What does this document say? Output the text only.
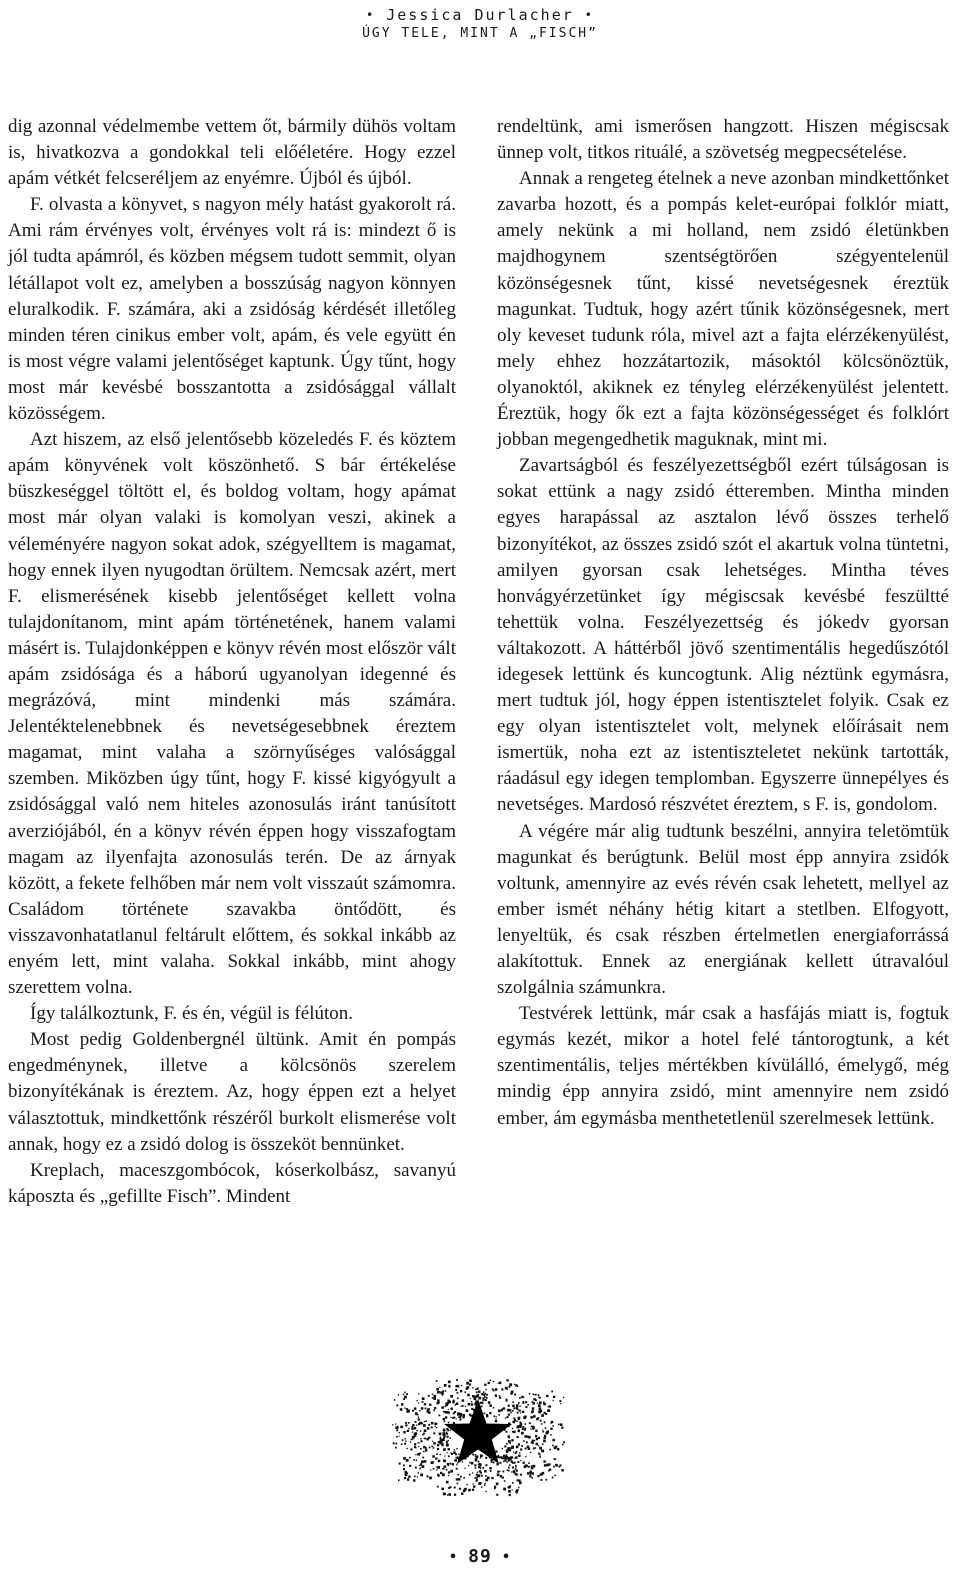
• Jessica Durlacher •
ÚGY TELE, MINT A „FISCH”

dig azonnal védelmembe vettem őt, bármily dühös voltam is, hivatkozva a gondokkal teli előéletére. Hogy ezzel apám vétkét felcseréljem az enyémre. Újból és újból.

F. olvasta a könyvet, s nagyon mély hatást gyakorolt rá. Ami rám érvényes volt, érvényes volt rá is: mindezt ő is jól tudta apámról, és közben mégsem tudott semmit, olyan létállapot volt ez, amelyben a bosszúság nagyon könnyen eluralkodik. F. számára, aki a zsidóság kérdését illetőleg minden téren cinikus ember volt, apám, és vele együtt én is most végre valami jelentőséget kaptunk. Úgy tűnt, hogy most már kevésbé bosszantotta a zsidósággal vállalt közösségem.

Azt hiszem, az első jelentősebb közeledés F. és köztem apám könyvének volt köszönhető. S bár értékelése büszkeséggel töltött el, és boldog voltam, hogy apámat most már olyan valaki is komolyan veszi, akinek a véleményére nagyon sokat adok, szégyelltem is magamat, hogy ennek ilyen nyugodtan örültem. Nemcsak azért, mert F. elismerésének kisebb jelentőséget kellett volna tulajdonítanom, mint apám történetének, hanem valami másért is. Tulajdonképpen e könyv révén most először vált apám zsidósága és a háború ugyanolyan idegenné és megrázóvá, mint mindenki más számára. Jelentéktelenebbnek és nevetségesebbnek éreztem magamat, mint valaha a szörnyűséges valósággal szemben. Miközben úgy tűnt, hogy F. kissé kigyógyult a zsidósággal való nem hiteles azonosulás iránt tanúsított averziójából, én a könyv révén éppen hogy visszafogtam magam az ilyenfajta azonosulás terén. De az árnyak között, a fekete felhőben már nem volt visszaút számomra. Családom története szavakba öntődött, és visszavonhatatlanul feltárult előttem, és sokkal inkább az enyém lett, mint valaha. Sokkal inkább, mint ahogy szerettem volna.

Így találkoztunk, F. és én, végül is félúton.

Most pedig Goldenbergnél ültünk. Amit én pompás engedménynek, illetve a kölcsönös szerelem bizonyítékának is éreztem. Az, hogy éppen ezt a helyet választottuk, mindkettőnk részéről burkolt elismerése volt annak, hogy ez a zsidó dolog is összeköt bennünket.

Kreplach, maceszgombócok, kóserkolbász, savanyú káposzta és „gefillte Fisch”. Mindent

rendeltünk, ami ismerősen hangzott. Hiszen mégiscsak ünnep volt, titkos rituálé, a szövetség megpecsételése.

Annak a rengeteg ételnek a neve azonban mindkettőnket zavarba hozott, és a pompás kelet-európai folklór miatt, amely nekünk a mi holland, nem zsidó életünkben majdhogynem szentségtörően szégyentelenül közönségesnek tűnt, kissé nevetségesnek éreztük magunkat. Tudtuk, hogy azért tűnik közönségesnek, mert oly keveset tudunk róla, mivel azt a fajta elérzékenyülést, mely ehhez hozzátartozik, másoktól kölcsönöztük, olyanoktól, akiknek ez tényleg elérzékenyülést jelentett. Éreztük, hogy ők ezt a fajta közönségességet és folklórt jobban megengedhetik maguknak, mint mi.

Zavartságból és feszélyezettségből ezért túlságosan is sokat ettünk a nagy zsidó étteremben. Mintha minden egyes harapással az asztalon lévő összes terhelő bizonyítékot, az összes zsidó szót el akartuk volna tüntetni, amilyen gyorsan csak lehetséges. Mintha téves honvágyérzetünket így mégiscsak kevésbé feszültté tehettük volna. Feszélyezettség és jókedv gyorsan váltakozott. A háttérből jövő szentimentális hegedűszótól idegesek lettünk és kuncogtunk. Alig néztünk egymásra, mert tudtuk jól, hogy éppen istentisztelet folyik. Csak ez egy olyan istentisztelet volt, melynek előírásait nem ismertük, noha ezt az istentiszteletet nekünk tartották, ráadásul egy idegen templomban. Egyszerre ünnepélyes és nevetséges. Mardosó részvétet éreztem, s F. is, gondolom.

A végére már alig tudtunk beszélni, annyira teletömtük magunkat és berúgtunk. Belül most épp annyira zsidók voltunk, amennyire az evés révén csak lehetett, mellyel az ember ismét néhány hétig kitart a stetlben. Elfogyott, lenyeltük, és csak részben értelmetlen energiaforrássá alakítottuk. Ennek az energiának kellett útravalóul szolgálnia számunkra.

Testvérek lettünk, már csak a hasfájás miatt is, fogtuk egymás kezét, mikor a hotel felé tántorogtunk, a két szentimentális, teljes mértékben kívülálló, émelygő, még mindig épp annyira zsidó, mint amennyire nem zsidó ember, ám egymásba menthetetlenül szerelmesek lettünk.

• 89 •
